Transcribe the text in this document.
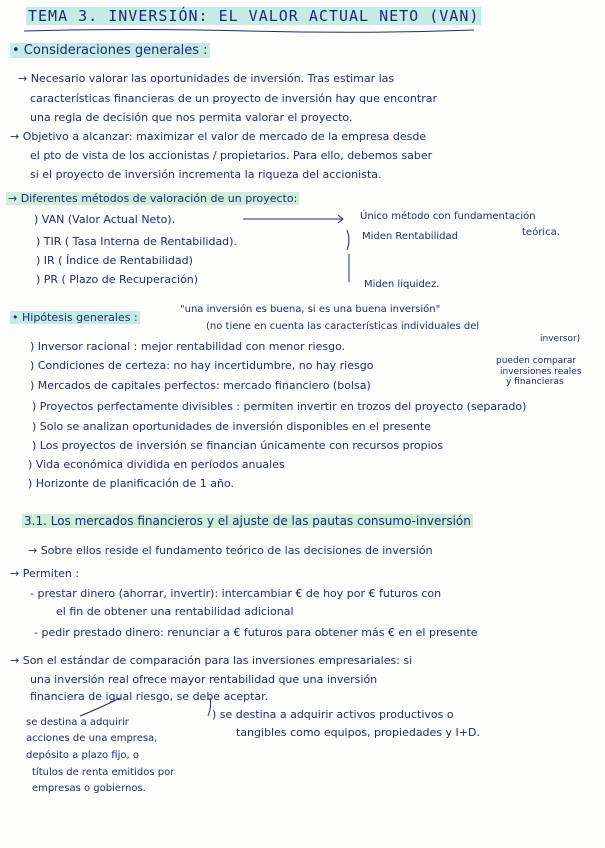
TEMA 3. INVERSIÓN: EL VALOR ACTUAL NETO (VAN)
• Consideraciones generales :
→ Necesario valorar las oportunidades de inversión. Tras estimar las
características financieras de un proyecto de inversión hay que encontrar
una regla de decisión que nos permita valorar el proyecto.
→ Objetivo a alcanzar: maximizar el valor de mercado de la empresa desde
el pto de vista de los accionistas / propietarios. Para ello, debemos saber
si el proyecto de inversión incrementa la riqueza del accionista.
→ Diferentes métodos de valoración de un proyecto:
) VAN (Valor Actual Neto).
) TIR ( Tasa Interna de Rentabilidad).
) IR ( Índice de Rentabilidad)
) PR ( Plazo de Recuperación)
Único método con fundamentación
teórica.
Miden Rentabilidad
Miden liquidez.
• Hipótesis generales :
"una inversión es buena, si es una buena inversión"
(no tiene en cuenta las características individuales del
inversor)
) Inversor racional : mejor rentabilidad con menor riesgo.
) Condiciones de certeza: no hay incertidumbre, no hay riesgo	pueden comparar
inversiones reales
y financieras
) Mercados de capitales perfectos: mercado financiero (bolsa)
) Proyectos perfectamente divisibles : permiten invertir en trozos del proyecto (separado)
) Solo se analizan oportunidades de inversión disponibles en el presente
) Los proyectos de inversión se financian únicamente con recursos propios
) Vida económica dividida en períodos anuales
) Horizonte de planificación de 1 año.
3.1. Los mercados financieros y el ajuste de las pautas consumo-inversión
→ Sobre ellos reside el fundamento teórico de las decisiones de inversión
→ Permiten :
- prestar dinero (ahorrar, invertir): intercambiar € de hoy por € futuros con
el fin de obtener una rentabilidad adicional
- pedir prestado dinero: renunciar a € futuros para obtener más € en el presente
→ Son el estándar de comparación para las inversiones empresariales: si
una inversión real ofrece mayor rentabilidad que una inversión
financiera de igual riesgo, se debe aceptar.
se destina a adquirir
acciones de una empresa,
depósito a plazo fijo, o
títulos de renta emitidos por
empresas o gobiernos.
) se destina a adquirir activos productivos o
tangibles como equipos, propiedades y I+D.
